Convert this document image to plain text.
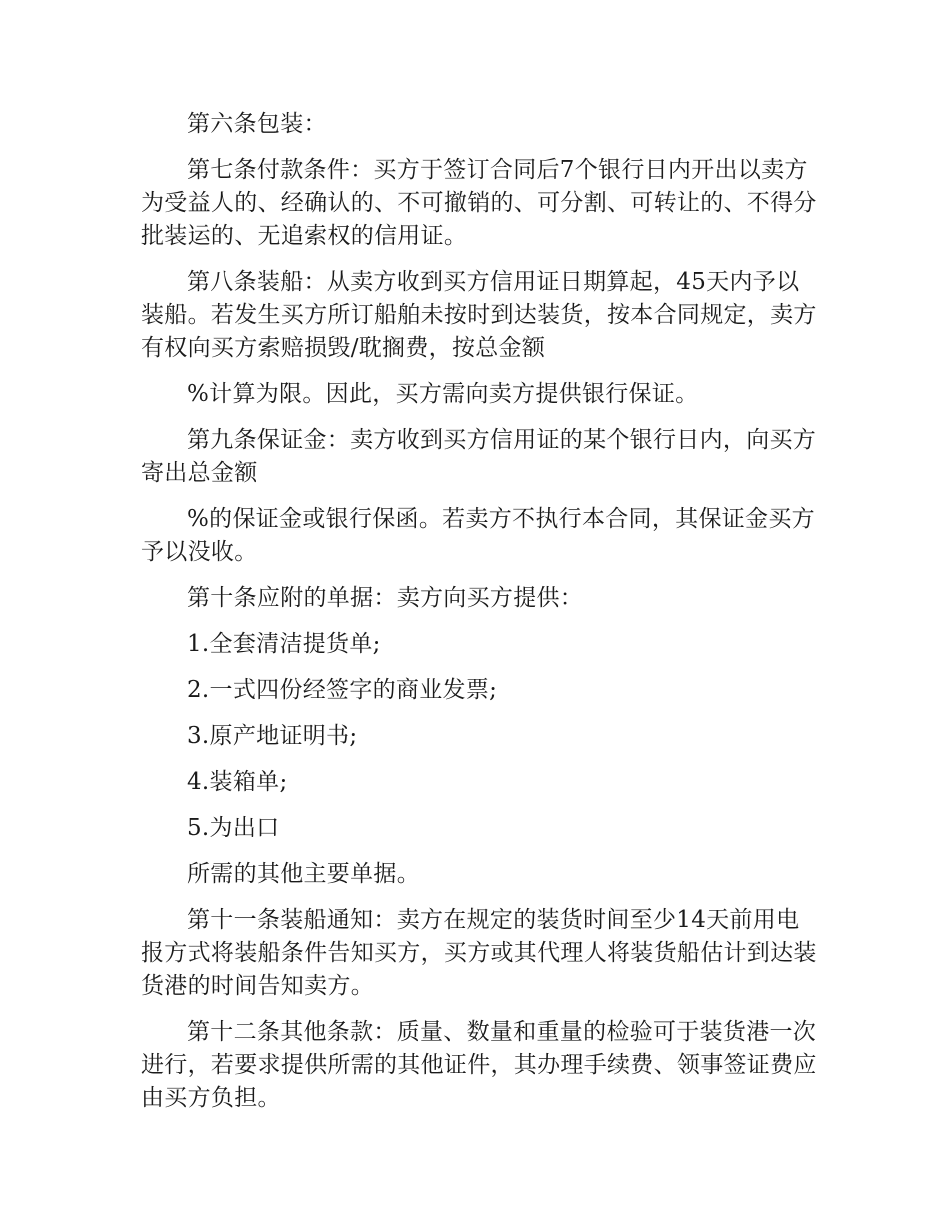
第六条包装：

第七条付款条件：买方于签订合同后7个银行日内开出以卖方为受益人的、经确认的、不可撤销的、可分割、可转让的、不得分批装运的、无追索权的信用证。

第八条装船：从卖方收到买方信用证日期算起，45天内予以装船。若发生买方所订船舶未按时到达装货，按本合同规定，卖方有权向买方索赔损毁/耽搁费，按总金额

%计算为限。因此，买方需向卖方提供银行保证。

第九条保证金：卖方收到买方信用证的某个银行日内，向买方寄出总金额

%的保证金或银行保函。若卖方不执行本合同，其保证金买方予以没收。

第十条应附的单据：卖方向买方提供：

1.全套清洁提货单;

2.一式四份经签字的商业发票;

3.原产地证明书;

4.装箱单;

5.为出口

所需的其他主要单据。

第十一条装船通知：卖方在规定的装货时间至少14天前用电报方式将装船条件告知买方，买方或其代理人将装货船估计到达装货港的时间告知卖方。

第十二条其他条款：质量、数量和重量的检验可于装货港一次进行，若要求提供所需的其他证件，其办理手续费、领事签证费应由买方负担。
